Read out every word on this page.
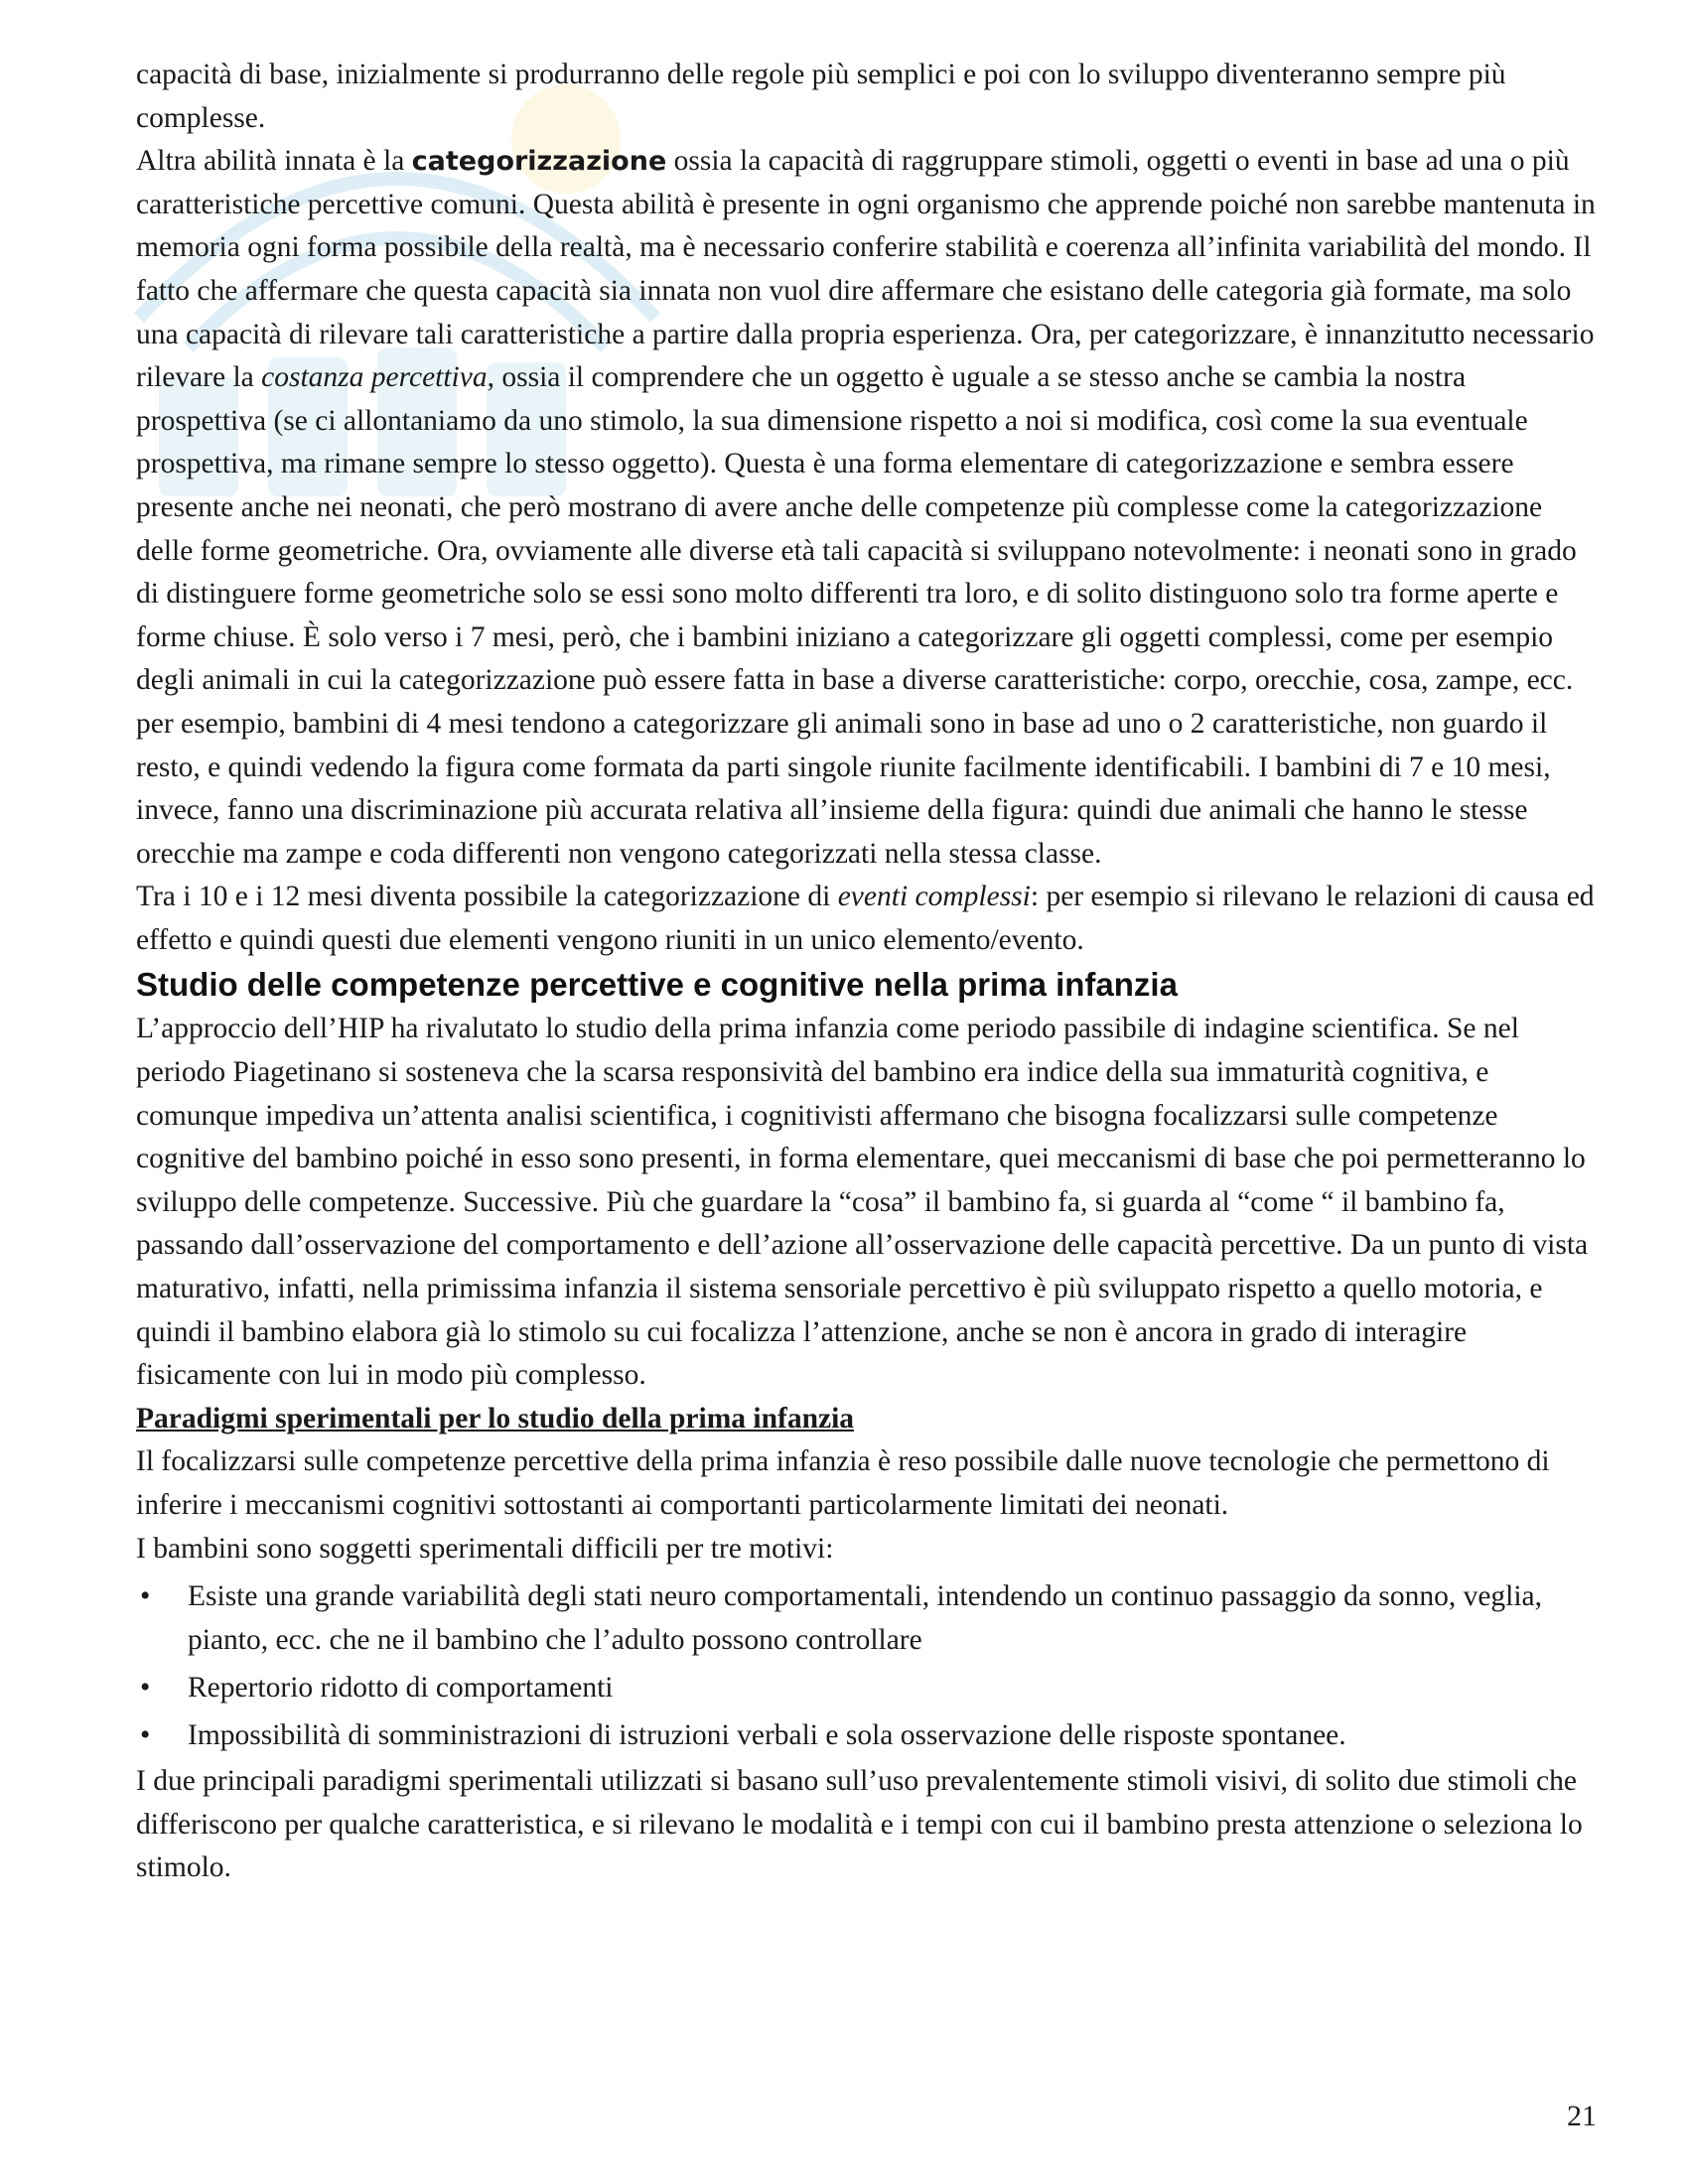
capacità di base, inizialmente si produrranno delle regole più semplici e poi con lo sviluppo diventeranno sempre più complesse.

Altra abilità innata è la categorizzazione ossia la capacità di raggruppare stimoli, oggetti o eventi in base ad una o più caratteristiche percettive comuni. Questa abilità è presente in ogni organismo che apprende poiché non sarebbe mantenuta in memoria ogni forma possibile della realtà, ma è necessario conferire stabilità e coerenza all’infinita variabilità del mondo. Il fatto che affermare che questa capacità sia innata non vuol dire affermare che esistano delle categoria già formate, ma solo una capacità di rilevare tali caratteristiche a partire dalla propria esperienza. Ora, per categorizzare, è innanzitutto necessario rilevare la costanza percettiva, ossia il comprendere che un oggetto è uguale a se stesso anche se cambia la nostra prospettiva (se ci allontaniamo da uno stimolo, la sua dimensione rispetto a noi si modifica, così come la sua eventuale prospettiva, ma rimane sempre lo stesso oggetto). Questa è una forma elementare di categorizzazione e sembra essere presente anche nei neonati, che però mostrano di avere anche delle competenze più complesse come la categorizzazione delle forme geometriche. Ora, ovviamente alle diverse età tali capacità si sviluppano notevolmente: i neonati sono in grado di distinguere forme geometriche solo se essi sono molto differenti tra loro, e di solito distinguono solo tra forme aperte e forme chiuse. È solo verso i 7 mesi, però, che i bambini iniziano a categorizzare gli oggetti complessi, come per esempio degli animali in cui la categorizzazione può essere fatta in base a diverse caratteristiche: corpo, orecchie, cosa, zampe, ecc. per esempio, bambini di 4 mesi tendono a categorizzare gli animali sono in base ad uno o 2 caratteristiche, non guardo il resto, e quindi vedendo la figura come formata da parti singole riunite facilmente identificabili. I bambini di 7 e 10 mesi, invece, fanno una discriminazione più accurata relativa all’insieme della figura: quindi due animali che hanno le stesse orecchie ma zampe e coda differenti non vengono categorizzati nella stessa classe.

Tra i 10 e i 12 mesi diventa possibile la categorizzazione di eventi complessi: per esempio si rilevano le relazioni di causa ed effetto e quindi questi due elementi vengono riuniti in un unico elemento/evento.

Studio delle competenze percettive e cognitive nella prima infanzia

L’approccio dell’HIP ha rivalutato lo studio della prima infanzia come periodo passibile di indagine scientifica. Se nel periodo Piagetinano si sosteneva che la scarsa responsività del bambino era indice della sua immaturità cognitiva, e comunque impediva un’attenta analisi scientifica, i cognitivisti affermano che bisogna focalizzarsi sulle competenze cognitive del bambino poiché in esso sono presenti, in forma elementare, quei meccanismi di base che poi permetteranno lo sviluppo delle competenze. Successive. Più che guardare la “cosa” il bambino fa, si guarda al “come “ il bambino fa, passando dall’osservazione del comportamento e dell’azione all’osservazione delle capacità percettive. Da un punto di vista maturativo, infatti, nella primissima infanzia il sistema sensoriale percettivo è più sviluppato rispetto a quello motoria, e quindi il bambino elabora già lo stimolo su cui focalizza l’attenzione, anche se non è ancora in grado di interagire fisicamente con lui in modo più complesso.

Paradigmi sperimentali per lo studio della prima infanzia

Il focalizzarsi sulle competenze percettive della prima infanzia è reso possibile dalle nuove tecnologie che permettono di inferire i meccanismi cognitivi sottostanti ai comportanti particolarmente limitati dei neonati.

I bambini sono soggetti sperimentali difficili per tre motivi:

• Esiste una grande variabilità degli stati neuro comportamentali, intendendo un continuo passaggio da sonno, veglia, pianto, ecc. che ne il bambino che l’adulto possono controllare
• Repertorio ridotto di comportamenti
• Impossibilità di somministrazioni di istruzioni verbali e sola osservazione delle risposte spontanee.

I due principali paradigmi sperimentali utilizzati si basano sull’uso prevalentemente stimoli visivi, di solito due stimoli che differiscono per qualche caratteristica, e si rilevano le modalità e i tempi con cui il bambino presta attenzione o seleziona lo stimolo.

21
